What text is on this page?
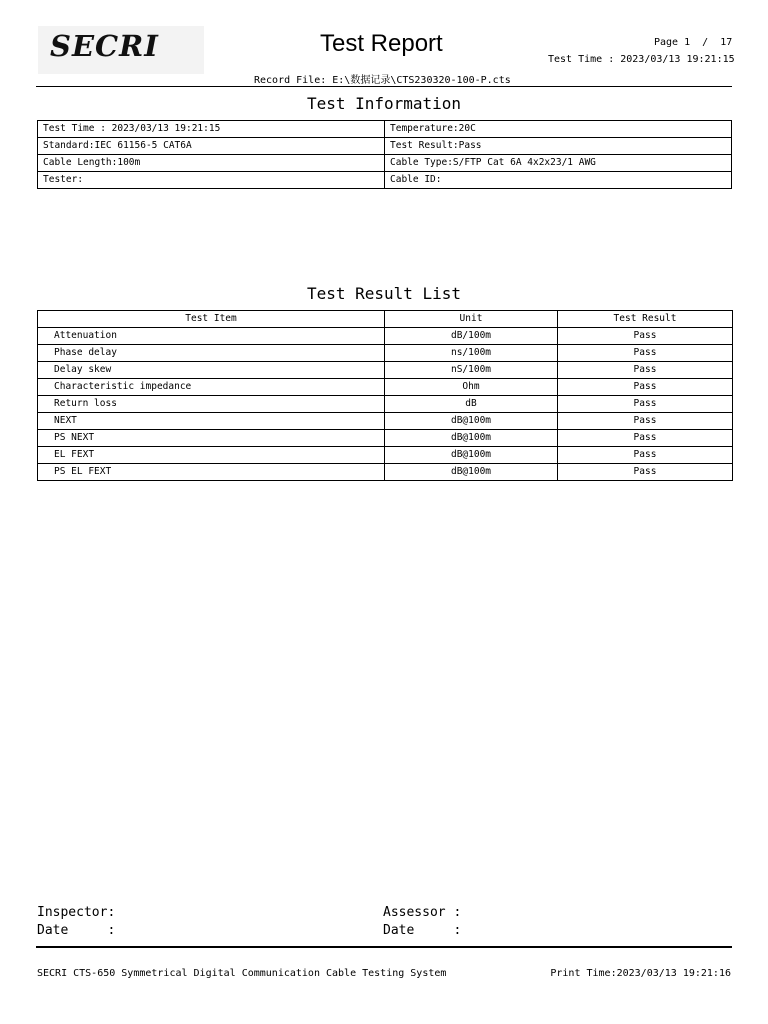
SECRI	Test Report	Page 1  /  17
Test Time : 2023/03/13 19:21:15
Record File: E:\数据记录\CTS230320-100-P.cts
Test Information
Test Time : 2023/03/13 19:21:15	Temperature:20C
Standard:IEC 61156-5 CAT6A	Test Result:Pass
Cable Length:100m	Cable Type:S/FTP Cat 6A 4x2x23/1 AWG
Tester:	Cable ID:
Test Result List
Test Item	Unit	Test Result
Attenuation	dB/100m	Pass
Phase delay	ns/100m	Pass
Delay skew	nS/100m	Pass
Characteristic impedance	Ohm	Pass
Return loss	dB	Pass
NEXT	dB@100m	Pass
PS NEXT	dB@100m	Pass
EL FEXT	dB@100m	Pass
PS EL FEXT	dB@100m	Pass
Inspector:	Assessor :
Date     :	Date     :
SECRI CTS-650 Symmetrical Digital Communication Cable Testing System	Print Time:2023/03/13 19:21:16
